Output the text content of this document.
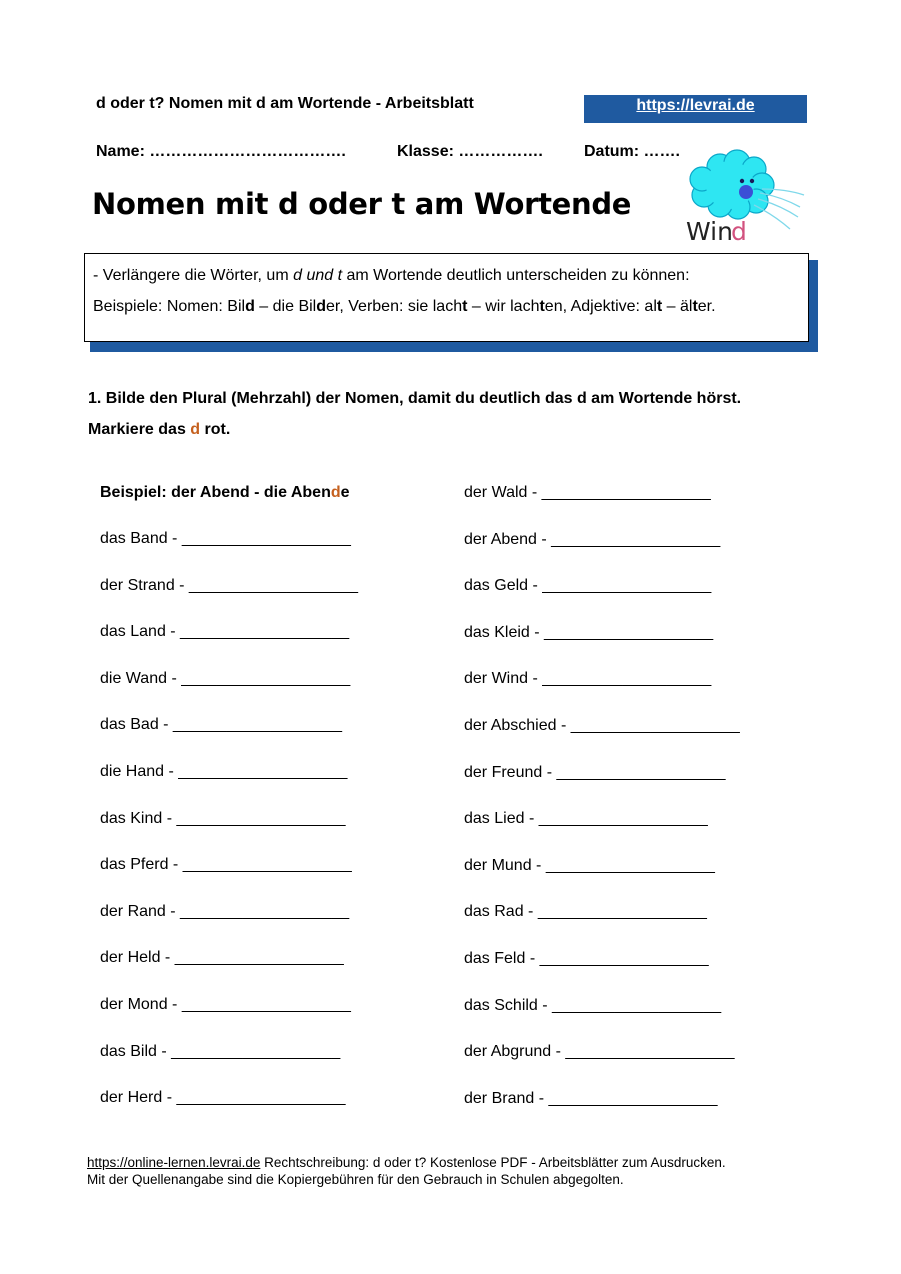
d oder t? Nomen mit d am Wortende - Arbeitsblatt	https://levrai.de
Name: ……………………………….	Klasse: …………….	Datum: …….
Nomen mit d oder t am Wortende
Win
d
- Verlängere die Wörter, um d und t am Wortende deutlich unterscheiden zu können:
Beispiele: Nomen: Bild – die Bilder, Verben: sie lacht – wir lachten, Adjektive: alt – älter.
1. Bilde den Plural (Mehrzahl) der Nomen, damit du deutlich das d am Wortende hörst. Markiere das d rot.
Beispiel: der Abend - die Abende
das Band - ___________________
der Strand - ___________________
das Land - ___________________
die Wand - ___________________
das Bad - ___________________
die Hand - ___________________
das Kind - ___________________
das Pferd - ___________________
der Rand - ___________________
der Held - ___________________
der Mond - ___________________
das Bild - ___________________
der Herd - ___________________
der Wald - ___________________
der Abend - ___________________
das Geld - ___________________
das Kleid - ___________________
der Wind - ___________________
der Abschied - ___________________
der Freund - ___________________
das Lied - ___________________
der Mund - ___________________
das Rad - ___________________
das Feld - ___________________
das Schild - ___________________
der Abgrund - ___________________
der Brand - ___________________
https://online-lernen.levrai.de Rechtschreibung: d oder t? Kostenlose PDF - Arbeitsblätter zum Ausdrucken.
Mit der Quellenangabe sind die Kopiergebühren für den Gebrauch in Schulen abgegolten.
